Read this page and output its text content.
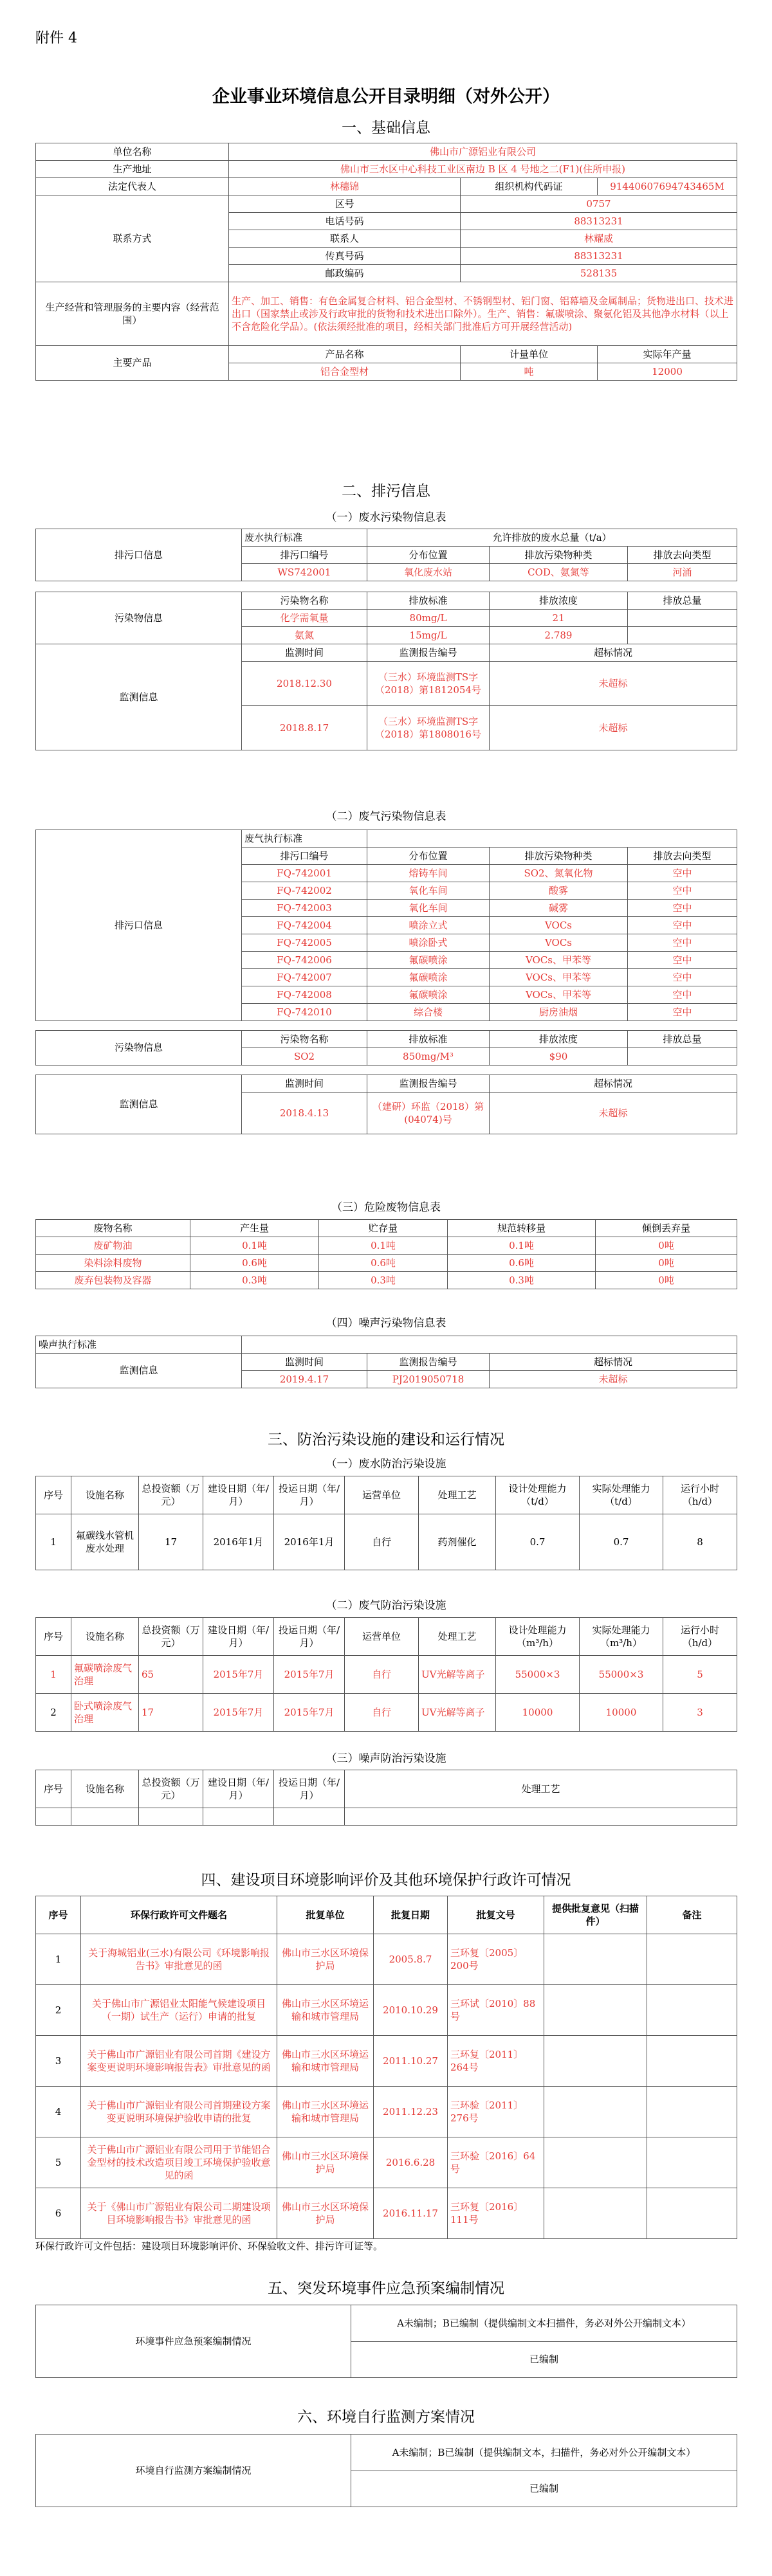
附件 4
企业事业环境信息公开目录明细（对外公开）
一、基础信息
单位名称	佛山市广源铝业有限公司		
生产地址	佛山市三水区中心科技工业区南边 B 区 4 号地之二(F1)(住所申报)		
法定代表人	林穗锦	组织机构代码证	91440607694743465M
联系方式	区号	0757	
	电话号码	88313231	
	联系人	林耀威	
	传真号码	88313231	
	邮政编码	528135	
生产经营和管理服务的主要内容（经营范围）	生产、加工、销售：有色金属复合材料、铝合金型材、不锈钢型材、铝门窗、铝幕墙及金属制品；货物进出口、技术进出口（国家禁止或涉及行政审批的货物和技术进出口除外）。生产、销售：氟碳喷涂、聚氨化铝及其他净水材料（以上不含危险化学品）。(依法须经批准的项目，经相关部门批准后方可开展经营活动)		
主要产品	产品名称	计量单位	实际年产量
	铝合金型材	吨	12000
二、排污信息
（一）废水污染物信息表
排污口信息	废水执行标准	允许排放的废水总量（t/a）		
	排污口编号	分布位置	排放污染物种类	排放去向类型
	WS742001	氧化废水站	COD、氨氮等	河涌

污染物信息	污染物名称	排放标准	排放浓度	排放总量
	化学需氧量	80mg/L	21	
	氨氮	15mg/L	2.789	
监测信息	监测时间	监测报告编号	超标情况	
	2018.12.30	（三水）环境监测TS字（2018）第1812054号	未超标	
	2018.8.17	（三水）环境监测TS字（2018）第1808016号	未超标	
（二）废气污染物信息表
排污口信息	废气执行标准			
	排污口编号	分布位置	排放污染物种类	排放去向类型
	FQ-742001	熔铸车间	SO2、氮氧化物	空中
	FQ-742002	氧化车间	酸雾	空中
	FQ-742003	氧化车间	碱雾	空中
	FQ-742004	喷涂立式	VOCs	空中
	FQ-742005	喷涂卧式	VOCs	空中
	FQ-742006	氟碳喷涂	VOCs、甲苯等	空中
	FQ-742007	氟碳喷涂	VOCs、甲苯等	空中
	FQ-742008	氟碳喷涂	VOCs、甲苯等	空中
	FQ-742010	综合楼	厨房油烟	空中

污染物信息	污染物名称	排放标准	排放浓度	排放总量
	SO2	850mg/M³	$90	

监测信息	监测时间	监测报告编号	超标情况	
	2018.4.13	（建研）环监（2018）第(04074)号	未超标	
（三）危险废物信息表
废物名称	产生量	贮存量	规范转移量	倾倒丢弃量
废矿物油	0.1吨	0.1吨	0.1吨	0吨
染料涂料废物	0.6吨	0.6吨	0.6吨	0吨
废弃包装物及容器	0.3吨	0.3吨	0.3吨	0吨
（四）噪声污染物信息表
噪声执行标准			
监测信息	监测时间	监测报告编号	超标情况
	2019.4.17	PJ2019050718	未超标
三、防治污染设施的建设和运行情况
（一）废水防治污染设施
序号	设施名称	总投资额（万元）	建设日期（年/月）	投运日期（年/月）	运营单位	处理工艺	设计处理能力（t/d）	实际处理能力（t/d）	运行小时（h/d）
1	氟碳线水管机废水处理	17	2016年1月	2016年1月	自行	药剂催化	0.7	0.7	8
（二）废气防治污染设施
序号	设施名称	总投资额（万元）	建设日期（年/月）	投运日期（年/月）	运营单位	处理工艺	设计处理能力（m³/h）	实际处理能力（m³/h）	运行小时（h/d）
1	氟碳喷涂废气治理	65	2015年7月	2015年7月	自行	UV光解等离子	55000×3	55000×3	5
2	卧式喷涂废气治理	17	2015年7月	2015年7月	自行	UV光解等离子	10000	10000	3
（三）噪声防治污染设施
序号	设施名称	总投资额（万元）	建设日期（年/月）	投运日期（年/月）	处理工艺

四、建设项目环境影响评价及其他环境保护行政许可情况
序号	环保行政许可文件题名	批复单位	批复日期	批复文号	提供批复意见（扫描件）	备注
1	关于海城铝业(三水)有限公司《环境影响报告书》审批意见的函	佛山市三水区环境保护局	2005.8.7	三环复〔2005〕200号		
2	关于佛山市广源铝业太阳能气候建设项目（一期）试生产（运行）申请的批复	佛山市三水区环境运输和城市管理局	2010.10.29	三环试〔2010〕88号		
3	关于佛山市广源铝业有限公司首期《建设方案变更说明环境影响报告表》审批意见的函	佛山市三水区环境运输和城市管理局	2011.10.27	三环复〔2011〕264号		
4	关于佛山市广源铝业有限公司首期建设方案变更说明环境保护验收申请的批复	佛山市三水区环境运输和城市管理局	2011.12.23	三环验〔2011〕276号		
5	关于佛山市广源铝业有限公司用于节能铝合金型材的技术改造项目竣工环境保护验收意见的函	佛山市三水区环境保护局	2016.6.28	三环验〔2016〕64号		
6	关于《佛山市广源铝业有限公司二期建设项目环境影响报告书》审批意见的函	佛山市三水区环境保护局	2016.11.17	三环复〔2016〕111号		
环保行政许可文件包括：建设项目环境影响评价、环保验收文件、排污许可证等。
五、突发环境事件应急预案编制情况
环境事件应急预案编制情况	A未编制；B已编制（提供编制文本扫描件，务必对外公开编制文本）
已编制
六、环境自行监测方案情况
环境自行监测方案编制情况	A未编制；B已编制（提供编制文本，扫描件，务必对外公开编制文本）
已编制
